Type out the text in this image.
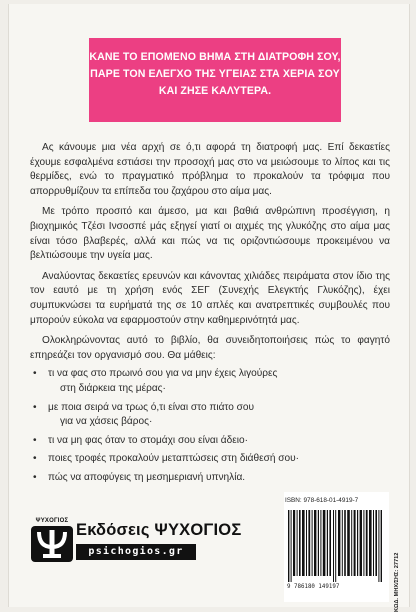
ΚΑΝΕ ΤΟ ΕΠΟΜΕΝΟ ΒΗΜΑ ΣΤΗ ΔΙΑΤΡΟΦΗ ΣΟΥ,
ΠΑΡΕ ΤΟΝ ΕΛΕΓΧΟ ΤΗΣ ΥΓΕΙΑΣ ΣΤΑ ΧΕΡΙΑ ΣΟΥ
ΚΑΙ ΖΗΣΕ ΚΑΛΥΤΕΡΑ.

Ας κάνουμε μια νέα αρχή σε ό,τι αφορά τη διατροφή μας. Επί δεκαετίες έχουμε εσφαλμένα εστιάσει την προσοχή μας στο να μειώσουμε το λίπος και τις θερμίδες, ενώ το πραγματικό πρόβλημα το προκαλούν τα τρόφιμα που απορρυθμίζουν τα επίπεδα του ζαχάρου στο αίμα μας.

Με τρόπο προσιτό και άμεσο, μα και βαθιά ανθρώπινη προσέγγιση, η βιοχημικός Τζέσι Ινσοσπέ μάς εξηγεί γιατί οι αιχμές της γλυκόζης στο αίμα μας είναι τόσο βλαβερές, αλλά και πώς να τις οριζοντιώσουμε προκειμένου να βελτιώσουμε την υγεία μας.

Αναλύοντας δεκαετίες ερευνών και κάνοντας χιλιάδες πειράματα στον ίδιο της τον εαυτό με τη χρήση ενός ΣΕΓ (Συνεχής Ελεγκτής Γλυκόζης), έχει συμπυκνώσει τα ευρήματά της σε 10 απλές και ανατρεπτικές συμβουλές που μπορούν εύκολα να εφαρμοστούν στην καθημερινότητά μας.

Ολοκληρώνοντας αυτό το βιβλίο, θα συνειδητοποιήσεις πώς το φαγητό επηρεάζει τον οργανισμό σου. Θα μάθεις:

• τι να φας στο πρωινό σου για να μην έχεις λιγούρες
στη διάρκεια της μέρας·
• με ποια σειρά να τρως ό,τι είναι στο πιάτο σου
για να χάσεις βάρος·
• τι να μη φας όταν το στομάχι σου είναι άδειο·
• ποιες τροφές προκαλούν μεταπτώσεις στη διάθεσή σου·
• πώς να αποφύγεις τη μεσημεριανή υπνηλία.
ΨΥΧΟΓΙΟΣ Εκδόσεις ΨΥΧΟΓΙΟΣ
psichogios.gr
ISBN: 978-618-01-4919-7
9 786180 149197	ΚΩΔ. ΜΗΧ/ΣΗΣ: 27712
